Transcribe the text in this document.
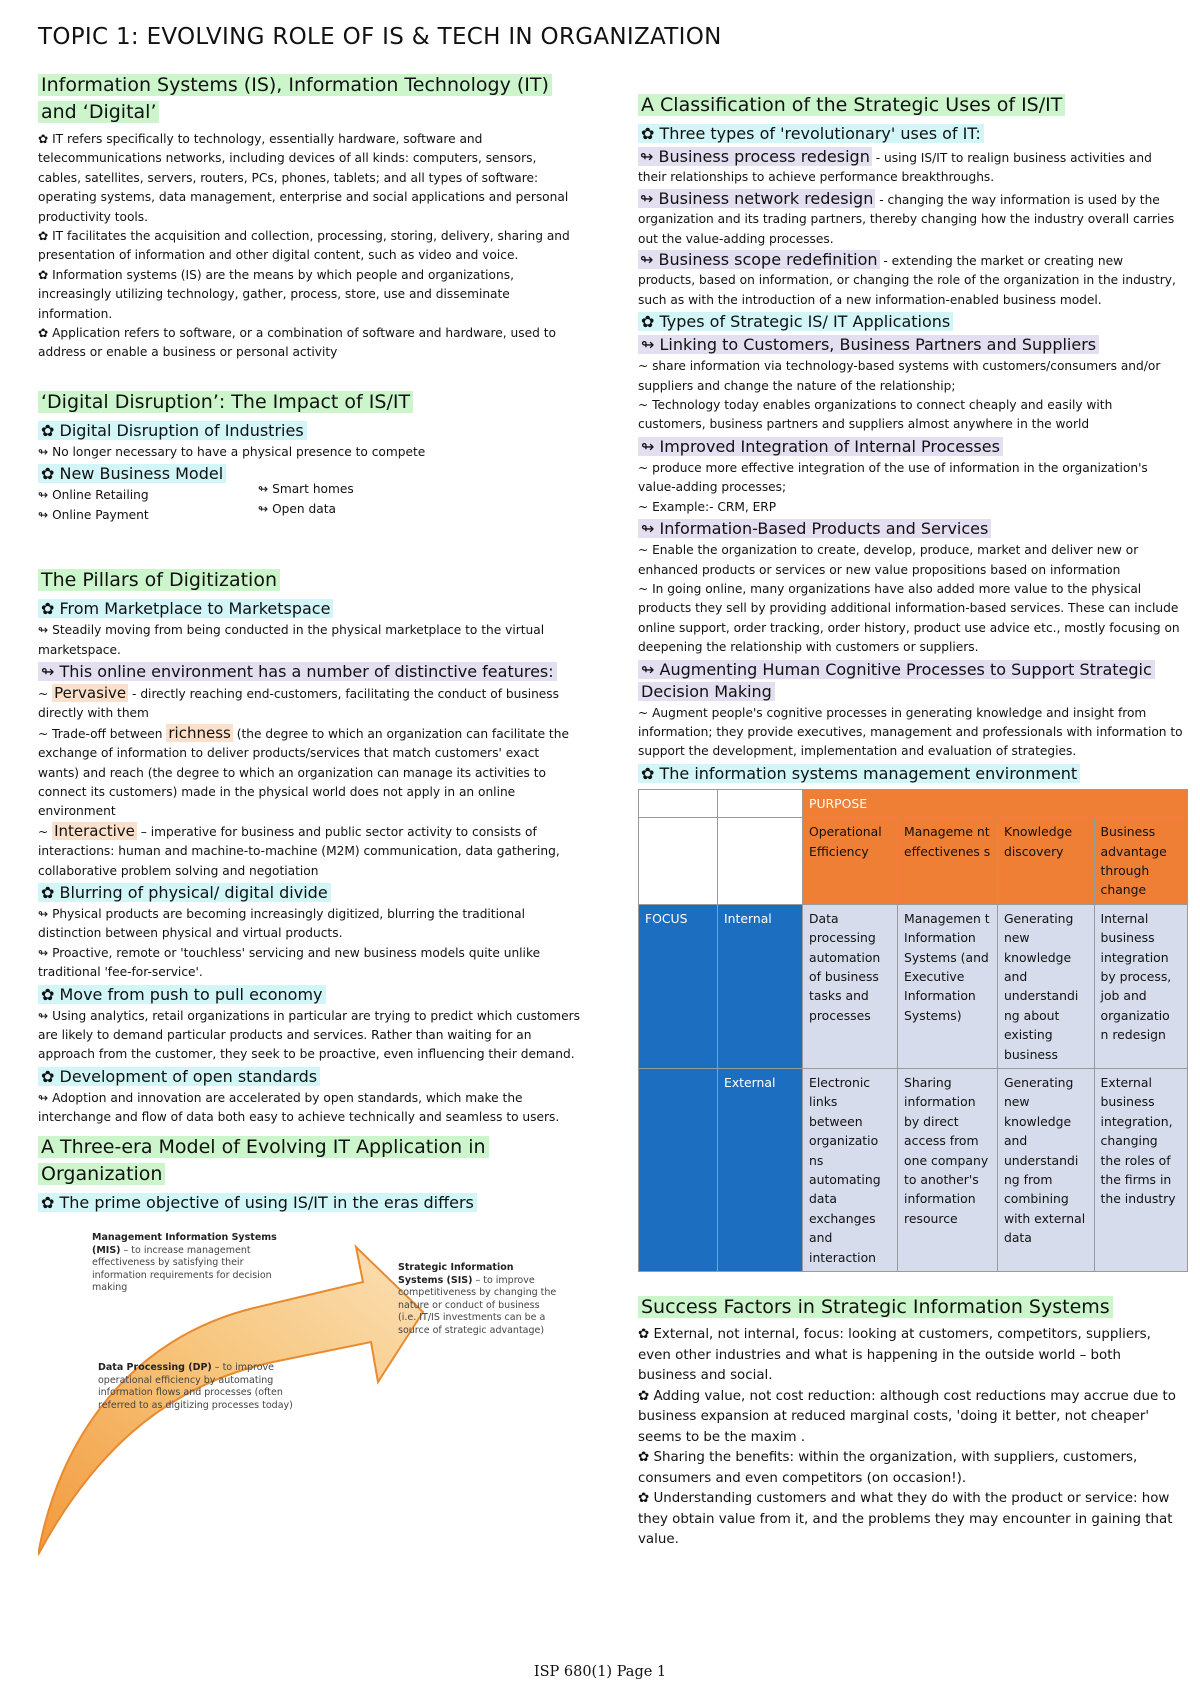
TOPIC 1: EVOLVING ROLE OF IS & TECH IN ORGANIZATION
Information Systems (IS), Information Technology (IT)
and ‘Digital’

✿ IT refers specifically to technology, essentially hardware, software and telecommunications networks, including devices of all kinds: computers, sensors, cables, satellites, servers, routers, PCs, phones, tablets; and all types of software: operating systems, data management, enterprise and social applications and personal productivity tools.

✿ IT facilitates the acquisition and collection, processing, storing, delivery, sharing and presentation of information and other digital content, such as video and voice.

✿ Information systems (IS) are the means by which people and organizations, increasingly utilizing technology, gather, process, store, use and disseminate information.

✿ Application refers to software, or a combination of software and hardware, used to address or enable a business or personal activity

‘Digital Disruption’: The Impact of IS/IT
✿ Digital Disruption of Industries

↬ No longer necessary to have a physical presence to compete

✿ New Business Model
↬ Online Retailing
↬ Online Payment
↬ Smart homes
↬ Open data
The Pillars of Digitization
✿ From Marketplace to Marketspace

↬ Steadily moving from being conducted in the physical marketplace to the virtual marketspace.

↬ This online environment has a number of distinctive features:

~ Pervasive - directly reaching end-customers, facilitating the conduct of business directly with them

~ Trade-off between richness (the degree to which an organization can facilitate the exchange of information to deliver products/services that match customers' exact wants) and reach (the degree to which an organization can manage its activities to connect its customers) made in the physical world does not apply in an online environment

~ Interactive – imperative for business and public sector activity to consists of interactions: human and machine-to-machine (M2M) communication, data gathering, collaborative problem solving and negotiation

✿ Blurring of physical/ digital divide

↬ Physical products are becoming increasingly digitized, blurring the traditional distinction between physical and virtual products.

↬ Proactive, remote or 'touchless' servicing and new business models quite unlike traditional 'fee-for-service'.

✿ Move from push to pull economy

↬ Using analytics, retail organizations in particular are trying to predict which customers are likely to demand particular products and services. Rather than waiting for an approach from the customer, they seek to be proactive, even influencing their demand.

✿ Development of open standards

↬ Adoption and innovation are accelerated by open standards, which make the interchange and flow of data both easy to achieve technically and seamless to users.

A Three-era Model of Evolving IT Application in
Organization
✿ The prime objective of using IS/IT in the eras differs
Management Information Systems (MIS) – to increase management effectiveness by satisfying their information requirements for decision making
Strategic Information Systems (SIS) – to improve competitiveness by changing the nature or conduct of business (i.e. IT/IS investments can be a source of strategic advantage)
Data Processing (DP) – to improve operational efficiency by automating information flows and processes (often referred to as digitizing processes today)
A Classification of the Strategic Uses of IS/IT
✿ Three types of 'revolutionary' uses of IT:

↬ Business process redesign - using IS/IT to realign business activities and their relationships to achieve performance breakthroughs.

↬ Business network redesign - changing the way information is used by the organization and its trading partners, thereby changing how the industry overall carries out the value-adding processes.

↬ Business scope redefinition - extending the market or creating new products, based on information, or changing the role of the organization in the industry, such as with the introduction of a new information-enabled business model.

✿ Types of Strategic IS/ IT Applications
↬ Linking to Customers, Business Partners and Suppliers

~ share information via technology-based systems with customers/consumers and/or suppliers and change the nature of the relationship;

~ Technology today enables organizations to connect cheaply and easily with customers, business partners and suppliers almost anywhere in the world

↬ Improved Integration of Internal Processes

~ produce more effective integration of the use of information in the organization's value-adding processes;

~ Example:- CRM, ERP

↬ Information-Based Products and Services

~ Enable the organization to create, develop, produce, market and deliver new or enhanced products or services or new value propositions based on information

~ In going online, many organizations have also added more value to the physical products they sell by providing additional information-based services. These can include online support, order tracking, order history, product use advice etc., mostly focusing on deepening the relationship with customers or suppliers.

↬ Augmenting Human Cognitive Processes to Support Strategic
Decision Making

~ Augment people's cognitive processes in generating knowledge and insight from information; they provide executives, management and professionals with information to support the development, implementation and evaluation of strategies.

✿ The information systems management environment
		PURPOSE			
		Operational Efficiency	Manageme nt effectivenes s	Knowledge discovery	Business advantage through change
FOCUS	Internal	Data processing automation of business tasks and processes	Managemen t Information Systems (and Executive Information Systems)	Generating new knowledge and understandi ng about existing business	Internal business integration by process, job and organizatio n redesign
	External	Electronic links between organizatio ns automating data exchanges and interaction	Sharing information by direct access from one company to another's information resource	Generating new knowledge and understandi ng from combining with external data	External business integration, changing the roles of the firms in the industry
Success Factors in Strategic Information Systems

✿ External, not internal, focus: looking at customers, competitors, suppliers, even other industries and what is happening in the outside world – both business and social.

✿ Adding value, not cost reduction: although cost reductions may accrue due to business expansion at reduced marginal costs, 'doing it better, not cheaper' seems to be the maxim .

✿ Sharing the benefits: within the organization, with suppliers, customers, consumers and even competitors (on occasion!).

✿ Understanding customers and what they do with the product or service: how they obtain value from it, and the problems they may encounter in gaining that value.

ISP 680(1) Page 1
